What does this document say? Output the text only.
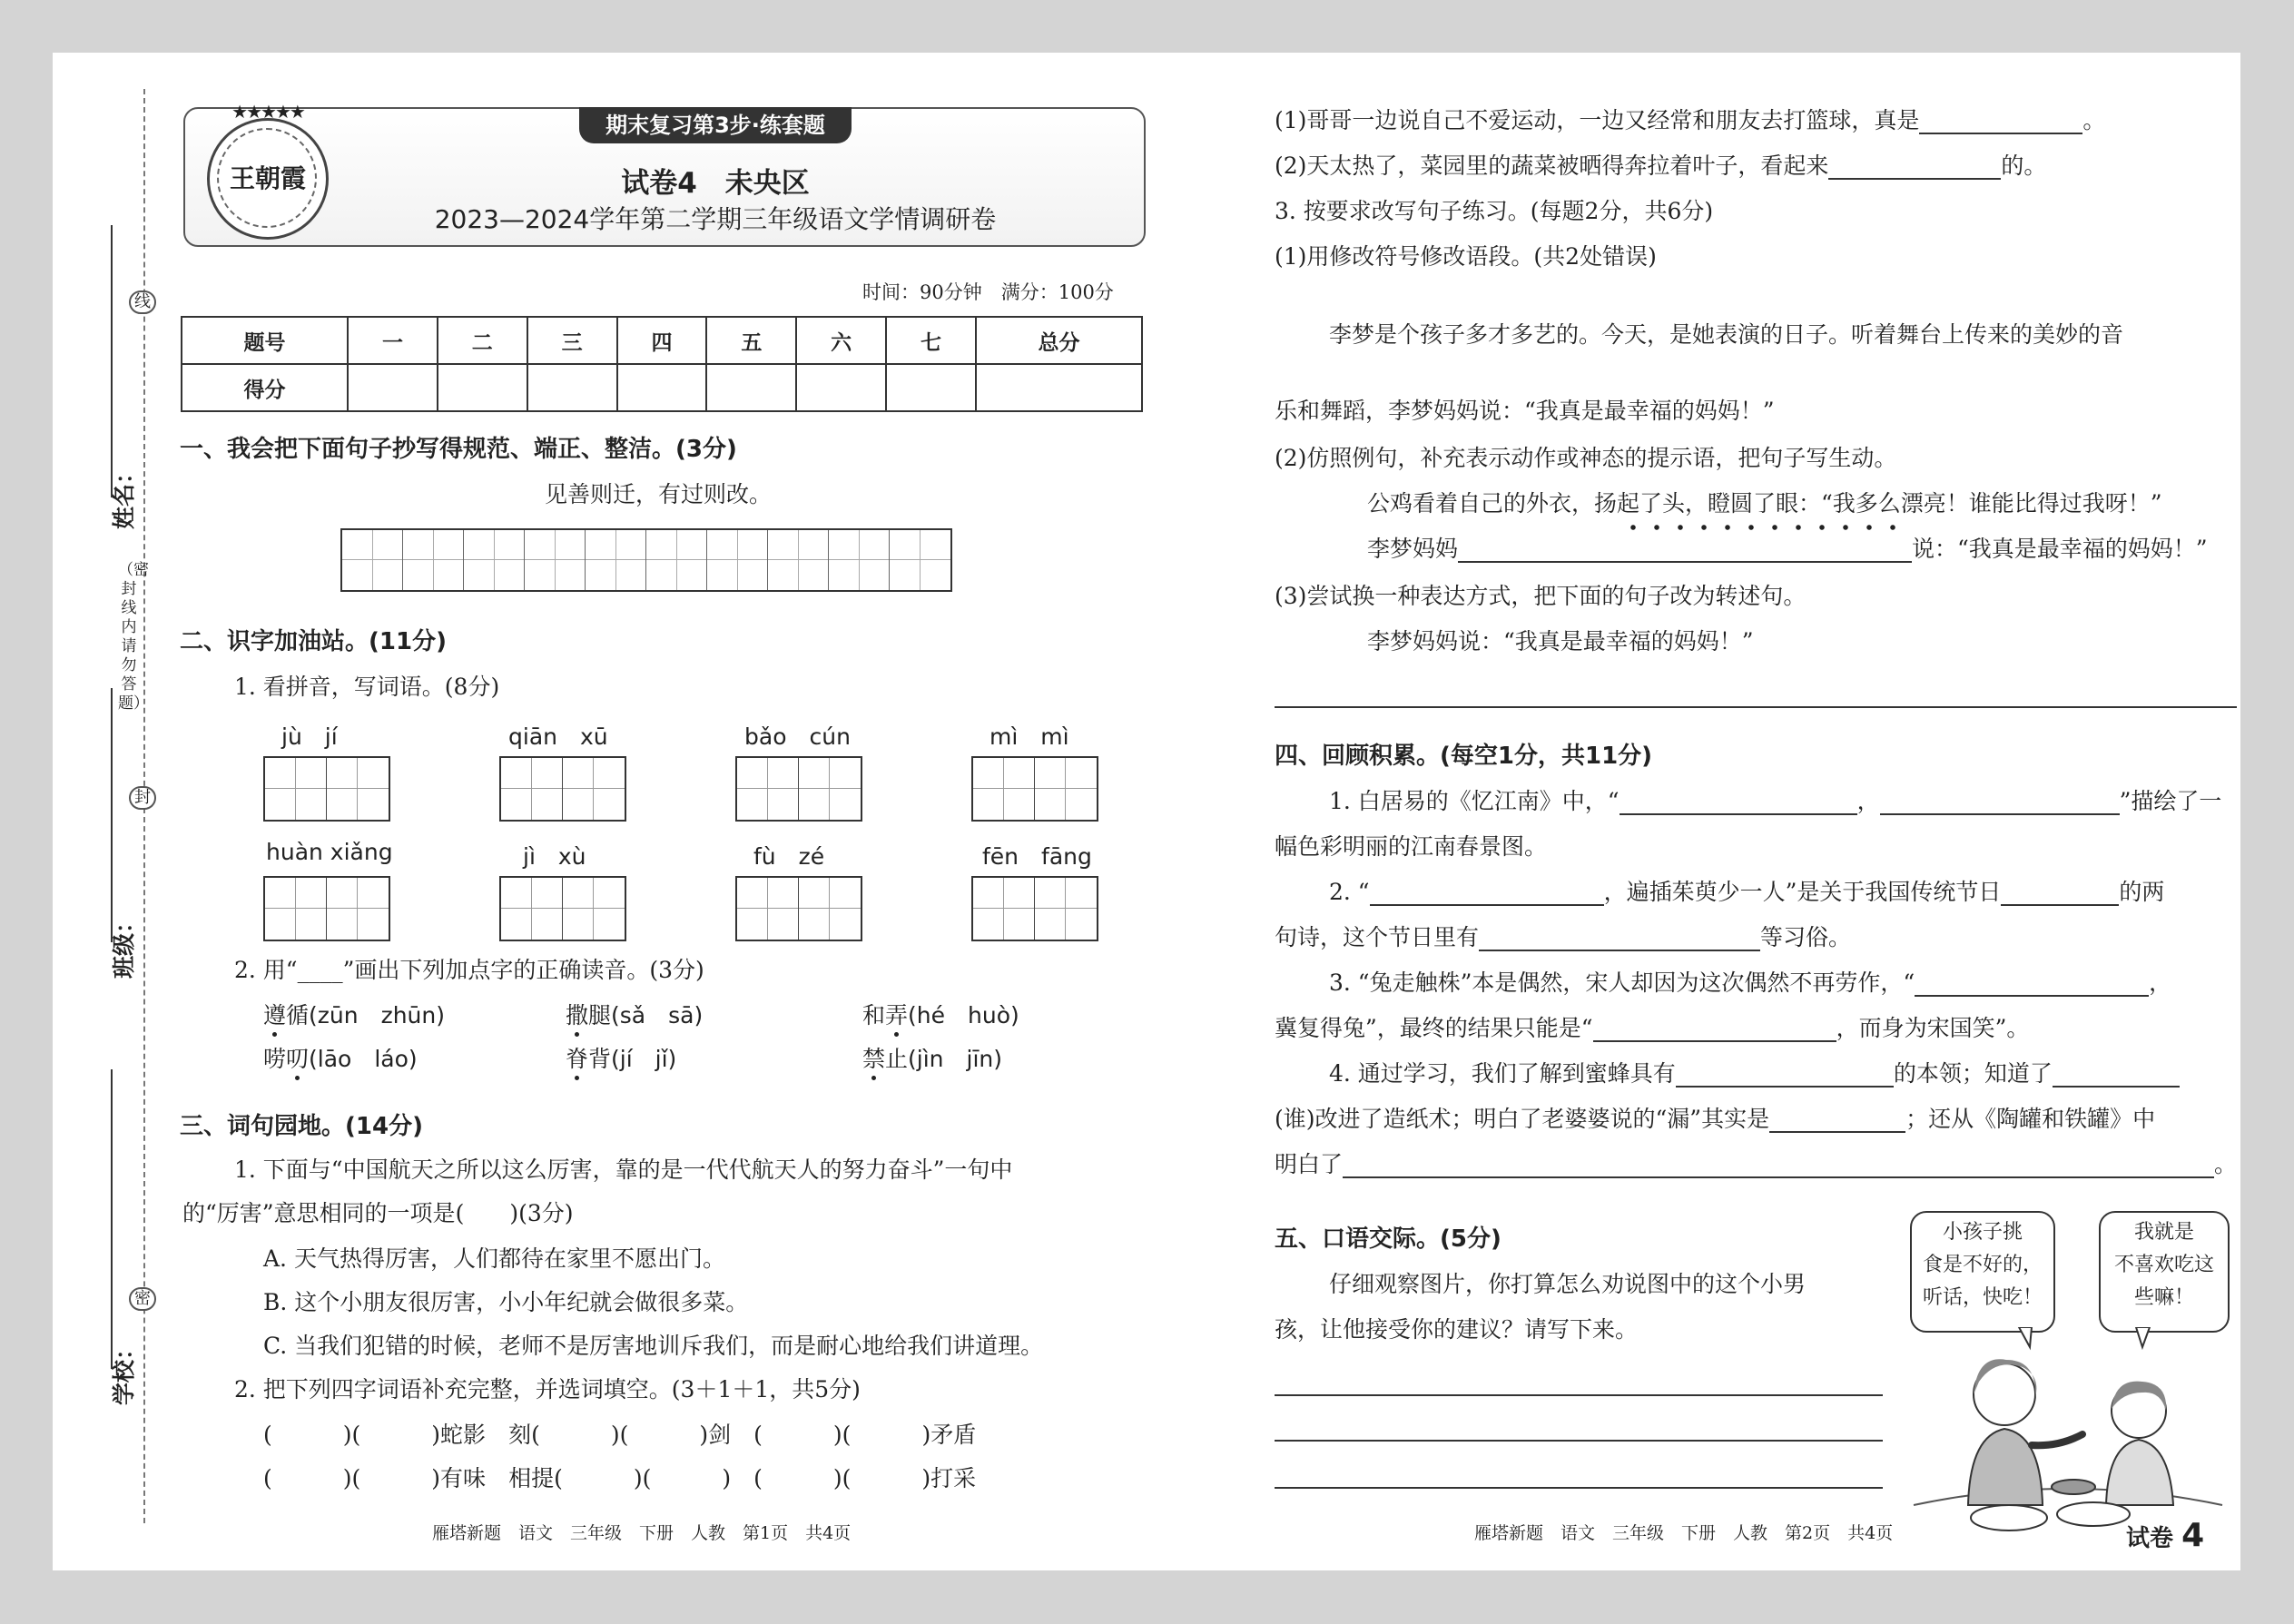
线
封
密
（密封线内请勿答题）
姓名：
班级：
学校：
★★★★★
王朝霞
期末复习第3步·练套题
试卷4　未央区
2023—2024学年第二学期三年级语文学情调研卷
时间：90分钟　满分：100分
题号	一	二	三	四	五	六	七	总分
得分								
一、我会把下面句子抄写得规范、端正、整洁。(3分)
见善则迁，有过则改。
二、识字加油站。(11分)
1. 看拼音，写词语。(8分)
jù　jí	qiān　xū	bǎo　cún	mì　mì
huàn xiǎng	jì　xù	fù　zé	fēn　fāng
2. 用“____”画出下列加点字的正确读音。(3分)
遵循(zūn　zhūn)	撒腿(sǎ　sā)	和弄(hé　huò)
唠叨(lāo　láo)	脊背(jí　jǐ)	禁止(jìn　jīn)
三、词句园地。(14分)
1. 下面与“中国航天之所以这么厉害，靠的是一代代航天人的努力奋斗”一句中
的“厉害”意思相同的一项是(　　)(3分)
A. 天气热得厉害，人们都待在家里不愿出门。
B. 这个小朋友很厉害，小小年纪就会做很多菜。
C. 当我们犯错的时候，老师不是厉害地训斥我们，而是耐心地给我们讲道理。
2. 把下列四字词语补充完整，并选词填空。(3＋1＋1，共5分)
(	)(	)蛇影　 刻(	)(	)剑　(	)(	)矛盾
(	)(	)有味　 相提(	)(	)　(	)(	)打采
雁塔新题　语文　三年级　下册　人教　第1页　共4页
(1)哥哥一边说自己不爱运动，一边又经常和朋友去打篮球，真是	。
(2)天太热了，菜园里的蔬菜被晒得奔拉着叶子，看起来	的。
3. 按要求改写句子练习。(每题2分，共6分)
(1)用修改符号修改语段。(共2处错误)
李梦是个孩子多才多艺的。今天，是她表演的日子。听着舞台上传来的美妙的音
乐和舞蹈，李梦妈妈说：“我真是最幸福的妈妈！”
(2)仿照例句，补充表示动作或神态的提示语，把句子写生动。
公鸡看着自己的外衣，扬起了头，瞪圆了眼：“我多么漂亮！谁能比得过我呀！”
李梦妈妈	说：“我真是最幸福的妈妈！”
(3)尝试换一种表达方式，把下面的句子改为转述句。
李梦妈妈说：“我真是最幸福的妈妈！”
四、回顾积累。(每空1分，共11分)
1. 白居易的《忆江南》中，“	，	”描绘了一
幅色彩明丽的江南春景图。
2. “	，遍插茱萸少一人”是关于我国传统节日	的两
句诗，这个节日里有	等习俗。
3. “兔走触株”本是偶然，宋人却因为这次偶然不再劳作，“	，
冀复得兔”，最终的结果只能是“	，而身为宋国笑”。
4. 通过学习，我们了解到蜜蜂具有	的本领；知道了
(谁)改进了造纸术；明白了老婆婆说的“漏”其实是	；还从《陶罐和铁罐》中
明白了	。
五、口语交际。(5分)
仔细观察图片，你打算怎么劝说图中的这个小男
孩，让他接受你的建议？请写下来。
小孩子挑
食是不好的，
听话，快吃！
我就是
不喜欢吃这
些嘛！
雁塔新题　语文　三年级　下册　人教　第2页　共4页	试卷 4
